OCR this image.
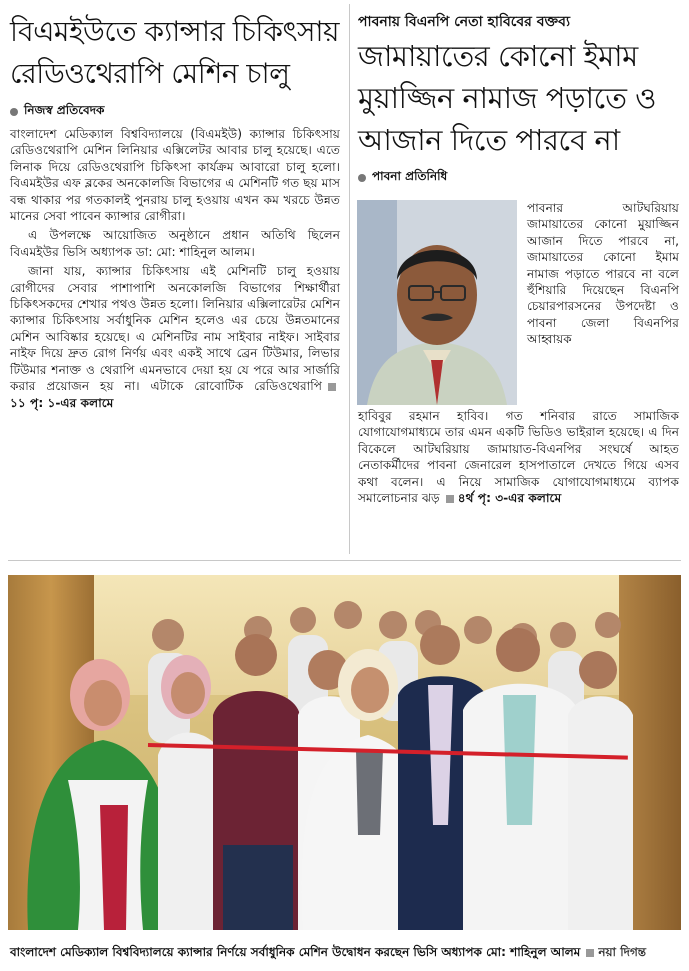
বিএমইউতে ক্যান্সার চিকিৎসায়
রেডিওথেরাপি মেশিন চালু
নিজস্ব প্রতিবেদক

বাংলাদেশ মেডিক্যাল বিশ্ববিদ্যালয়ে (বিএমইউ) ক্যান্সার চিকিৎসায় রেডিওথেরাপি মেশিন লিনিয়ার এক্সিলেটর আবার চালু হয়েছে। এতে লিনাক দিয়ে রেডিওথেরাপি চিকিৎসা কার্যক্রম আবারো চালু হলো। বিএমইউর এফ ব্লকের অনকোলজি বিভাগের এ মেশিনটি গত ছয় মাস বন্ধ থাকার পর গতকালই পুনরায় চালু হওয়ায় এখন কম খরচে উন্নত মানের সেবা পাবেন ক্যান্সার রোগীরা।

এ উপলক্ষে আয়োজিত অনুষ্ঠানে প্রধান অতিথি ছিলেন বিএমইউর ভিসি অধ্যাপক ডা: মো: শাহিনুল আলম।

জানা যায়, ক্যান্সার চিকিৎসায় এই মেশিনটি চালু হওয়ায় রোগীদের সেবার পাশাপাশি অনকোলজি বিভাগের শিক্ষার্থীরা চিকিৎসকদের শেখার পথও উন্নত হলো। লিনিয়ার এক্সিলারেটর মেশিন ক্যান্সার চিকিৎসায় সর্বাধুনিক মেশিন হলেও এর চেয়ে উন্নতমানের মেশিন আবিষ্কার হয়েছে। এ মেশিনটির নাম সাইবার নাইফ। সাইবার নাইফ দিয়ে দ্রুত রোগ নির্ণয় এবং একই সাথে ব্রেন টিউমার, লিভার টিউমার শনাক্ত ও থেরাপি এমনভাবে দেয়া হয় যে পরে আর সার্জারি করার প্রয়োজন হয় না। এটাকে রোবোটিক রেডিওথেরাপি১১ পৃ: ১-এর কলামে

পাবনায় বিএনপি নেতা হাবিবের বক্তব্য
জামায়াতের কোনো ইমাম
মুয়াজ্জিন নামাজ পড়াতে ও
আজান দিতে পারবে না
পাবনা প্রতিনিধি
পাবনার আটঘরিয়ায় জামায়াতের কোনো মুয়াজ্জিন আজান দিতে পারবে না, জামায়াতের কোনো ইমাম নামাজ পড়াতে পারবে না বলে হুঁশিয়ারি দিয়েছেন বিএনপি চেয়ারপারসনের উপদেষ্টা ও পাবনা জেলা বিএনপির আহ্বায়ক
হাবিবুর রহমান হাবিব। গত শনিবার রাতে সামাজিক যোগাযোগমাধ্যমে তার এমন একটি ভিডিও ভাইরাল হয়েছে। এ দিন বিকেলে আটঘরিয়ায় জামায়াত-বিএনপির সংঘর্ষে আহত নেতাকর্মীদের পাবনা জেনারেল হাসপাতালে দেখতে গিয়ে এসব কথা বলেন। এ নিয়ে সামাজিক যোগাযোগমাধ্যমে ব্যাপক সমালোচনার ঝড় ৪র্থ পৃ: ৩-এর কলামে
বাংলাদেশ মেডিক্যাল বিশ্ববিদ্যালয়ে ক্যান্সার নির্ণয়ে সর্বাধুনিক মেশিন উদ্বোধন করছেন ভিসি অধ্যাপক মো: শাহিনুল আলম নয়া দিগন্ত
